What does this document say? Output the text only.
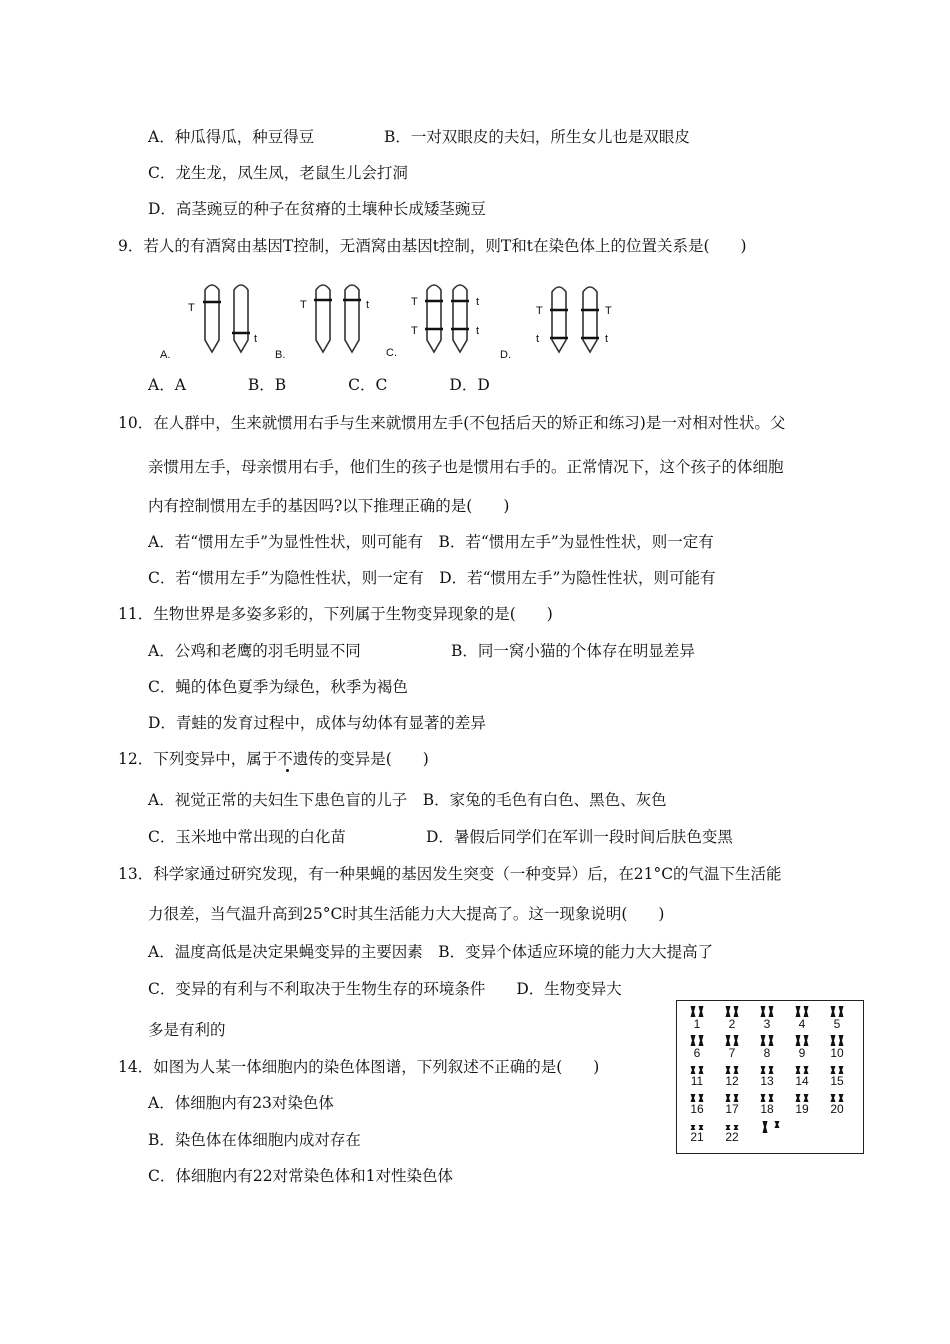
A．种瓜得瓜，种豆得豆	B．一对双眼皮的夫妇，所生女儿也是双眼皮
C．龙生龙，凤生凤，老鼠生儿会打洞
D．高茎豌豆的种子在贫瘠的土壤种长成矮茎豌豆
9．若人的有酒窝由基因T控制，无酒窝由基因t控制，则T和t在染色体上的位置关系是(　　)
T
t
A.
T	t
B.
T
T
t
t
C.
T	T
t	t
D.
A．A　　　　B．B　　　　C．C　　　　D．D
10．在人群中，生来就惯用右手与生来就惯用左手(不包括后天的矫正和练习)是一对相对性状。父
亲惯用左手，母亲惯用右手，他们生的孩子也是惯用右手的。正常情况下，这个孩子的体细胞
内有控制惯用左手的基因吗?以下推理正确的是(　　)
A．若“惯用左手”为显性性状，则可能有　B．若“惯用左手”为显性性状，则一定有
C．若“惯用左手”为隐性性状，则一定有　D．若“惯用左手”为隐性性状，则可能有
11．生物世界是多姿多彩的，下列属于生物变异现象的是(　　)
A．公鸡和老鹰的羽毛明显不同	B．同一窝小猫的个体存在明显差异
C．蝇的体色夏季为绿色，秋季为褐色
D．青蛙的发育过程中，成体与幼体有显著的差异
12．下列变异中，属于不遗传的变异是(　　)
A．视觉正常的夫妇生下患色盲的儿子　B．家兔的毛色有白色、黑色、灰色
C．玉米地中常出现的白化苗	D．暑假后同学们在军训一段时间后肤色变黑
13．科学家通过研究发现，有一种果蝇的基因发生突变（一种变异）后，在21°C的气温下生活能
力很差，当气温升高到25°C时其生活能力大大提高了。这一现象说明(　　)
A．温度高低是决定果蝇变异的主要因素　B．变异个体适应环境的能力大大提高了
C．变异的有利与不利取决于生物生存的环境条件　　D．生物变异大
多是有利的
14．如图为人某一体细胞内的染色体图谱，下列叙述不正确的是(　　)
A．体细胞内有23对染色体
B．染色体在体细胞内成对存在
C．体细胞内有22对常染色体和1对性染色体
1 2 3 4 5
6 7 8 9 10
11 12 13 14 15
16 17 18 19 20
21 22
